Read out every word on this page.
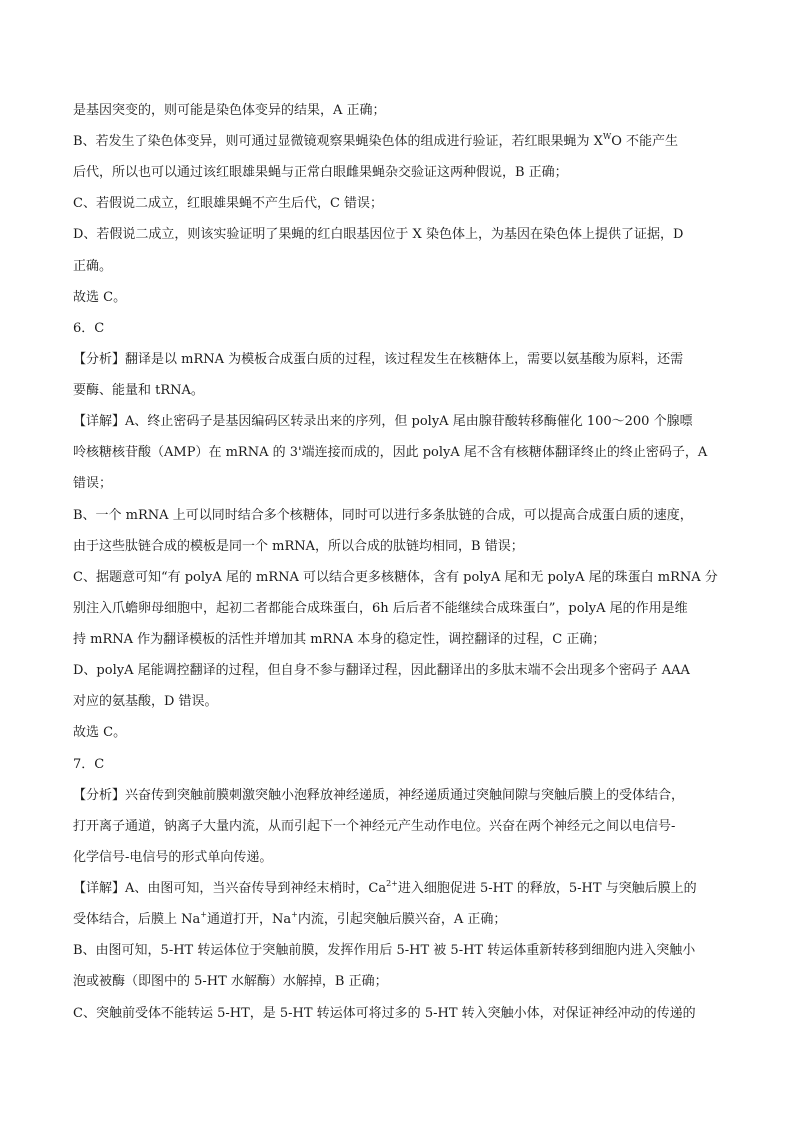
是基因突变的，则可能是染色体变异的结果，A 正确；
B、若发生了染色体变异，则可通过显微镜观察果蝇染色体的组成进行验证，若红眼果蝇为 $X^WO$ 不能产生
后代，所以也可以通过该红眼雄果蝇与正常白眼雌果蝇杂交验证这两种假说，B 正确；
C、若假说二成立，红眼雄果蝇不产生后代，C 错误；
D、若假说二成立，则该实验证明了果蝇的红白眼基因位于 X 染色体上，为基因在染色体上提供了证据，D
正确。
故选 C。
6．C
【分析】翻译是以 mRNA 为模板合成蛋白质的过程，该过程发生在核糖体上，需要以氨基酸为原料，还需
要酶、能量和 tRNA。
【详解】A、终止密码子是基因编码区转录出来的序列，但 polyA 尾由腺苷酸转移酶催化 100～200 个腺嘌
呤核糖核苷酸（AMP）在 mRNA 的 3'端连接而成的，因此 polyA 尾不含有核糖体翻译终止的终止密码子，A
错误；
B、一个 mRNA 上可以同时结合多个核糖体，同时可以进行多条肽链的合成，可以提高合成蛋白质的速度，
由于这些肽链合成的模板是同一个 mRNA，所以合成的肽链均相同，B 错误；
C、据题意可知“有 polyA 尾的 mRNA 可以结合更多核糖体，含有 polyA 尾和无 polyA 尾的珠蛋白 mRNA 分
别注入爪蟾卵母细胞中，起初二者都能合成珠蛋白，6h 后后者不能继续合成珠蛋白”，polyA 尾的作用是维
持 mRNA 作为翻译模板的活性并增加其 mRNA 本身的稳定性，调控翻译的过程，C 正确；
D、polyA 尾能调控翻译的过程，但自身不参与翻译过程，因此翻译出的多肽末端不会出现多个密码子 AAA
对应的氨基酸，D 错误。
故选 C。
7．C
【分析】兴奋传到突触前膜刺激突触小泡释放神经递质，神经递质通过突触间隙与突触后膜上的受体结合，
打开离子通道，钠离子大量内流，从而引起下一个神经元产生动作电位。兴奋在两个神经元之间以电信号-
化学信号-电信号的形式单向传递。
【详解】A、由图可知，当兴奋传导到神经末梢时，$Ca^{2+}$进入细胞促进 5-HT 的释放，5-HT 与突触后膜上的
受体结合，后膜上 Na+通道打开，Na+内流，引起突触后膜兴奋，A 正确；
B、由图可知，5-HT 转运体位于突触前膜，发挥作用后 5-HT 被 5-HT 转运体重新转移到细胞内进入突触小
泡或被酶（即图中的 5-HT 水解酶）水解掉，B 正确；
C、突触前受体不能转运 5-HT，是 5-HT 转运体可将过多的 5-HT 转入突触小体，对保证神经冲动的传递的
